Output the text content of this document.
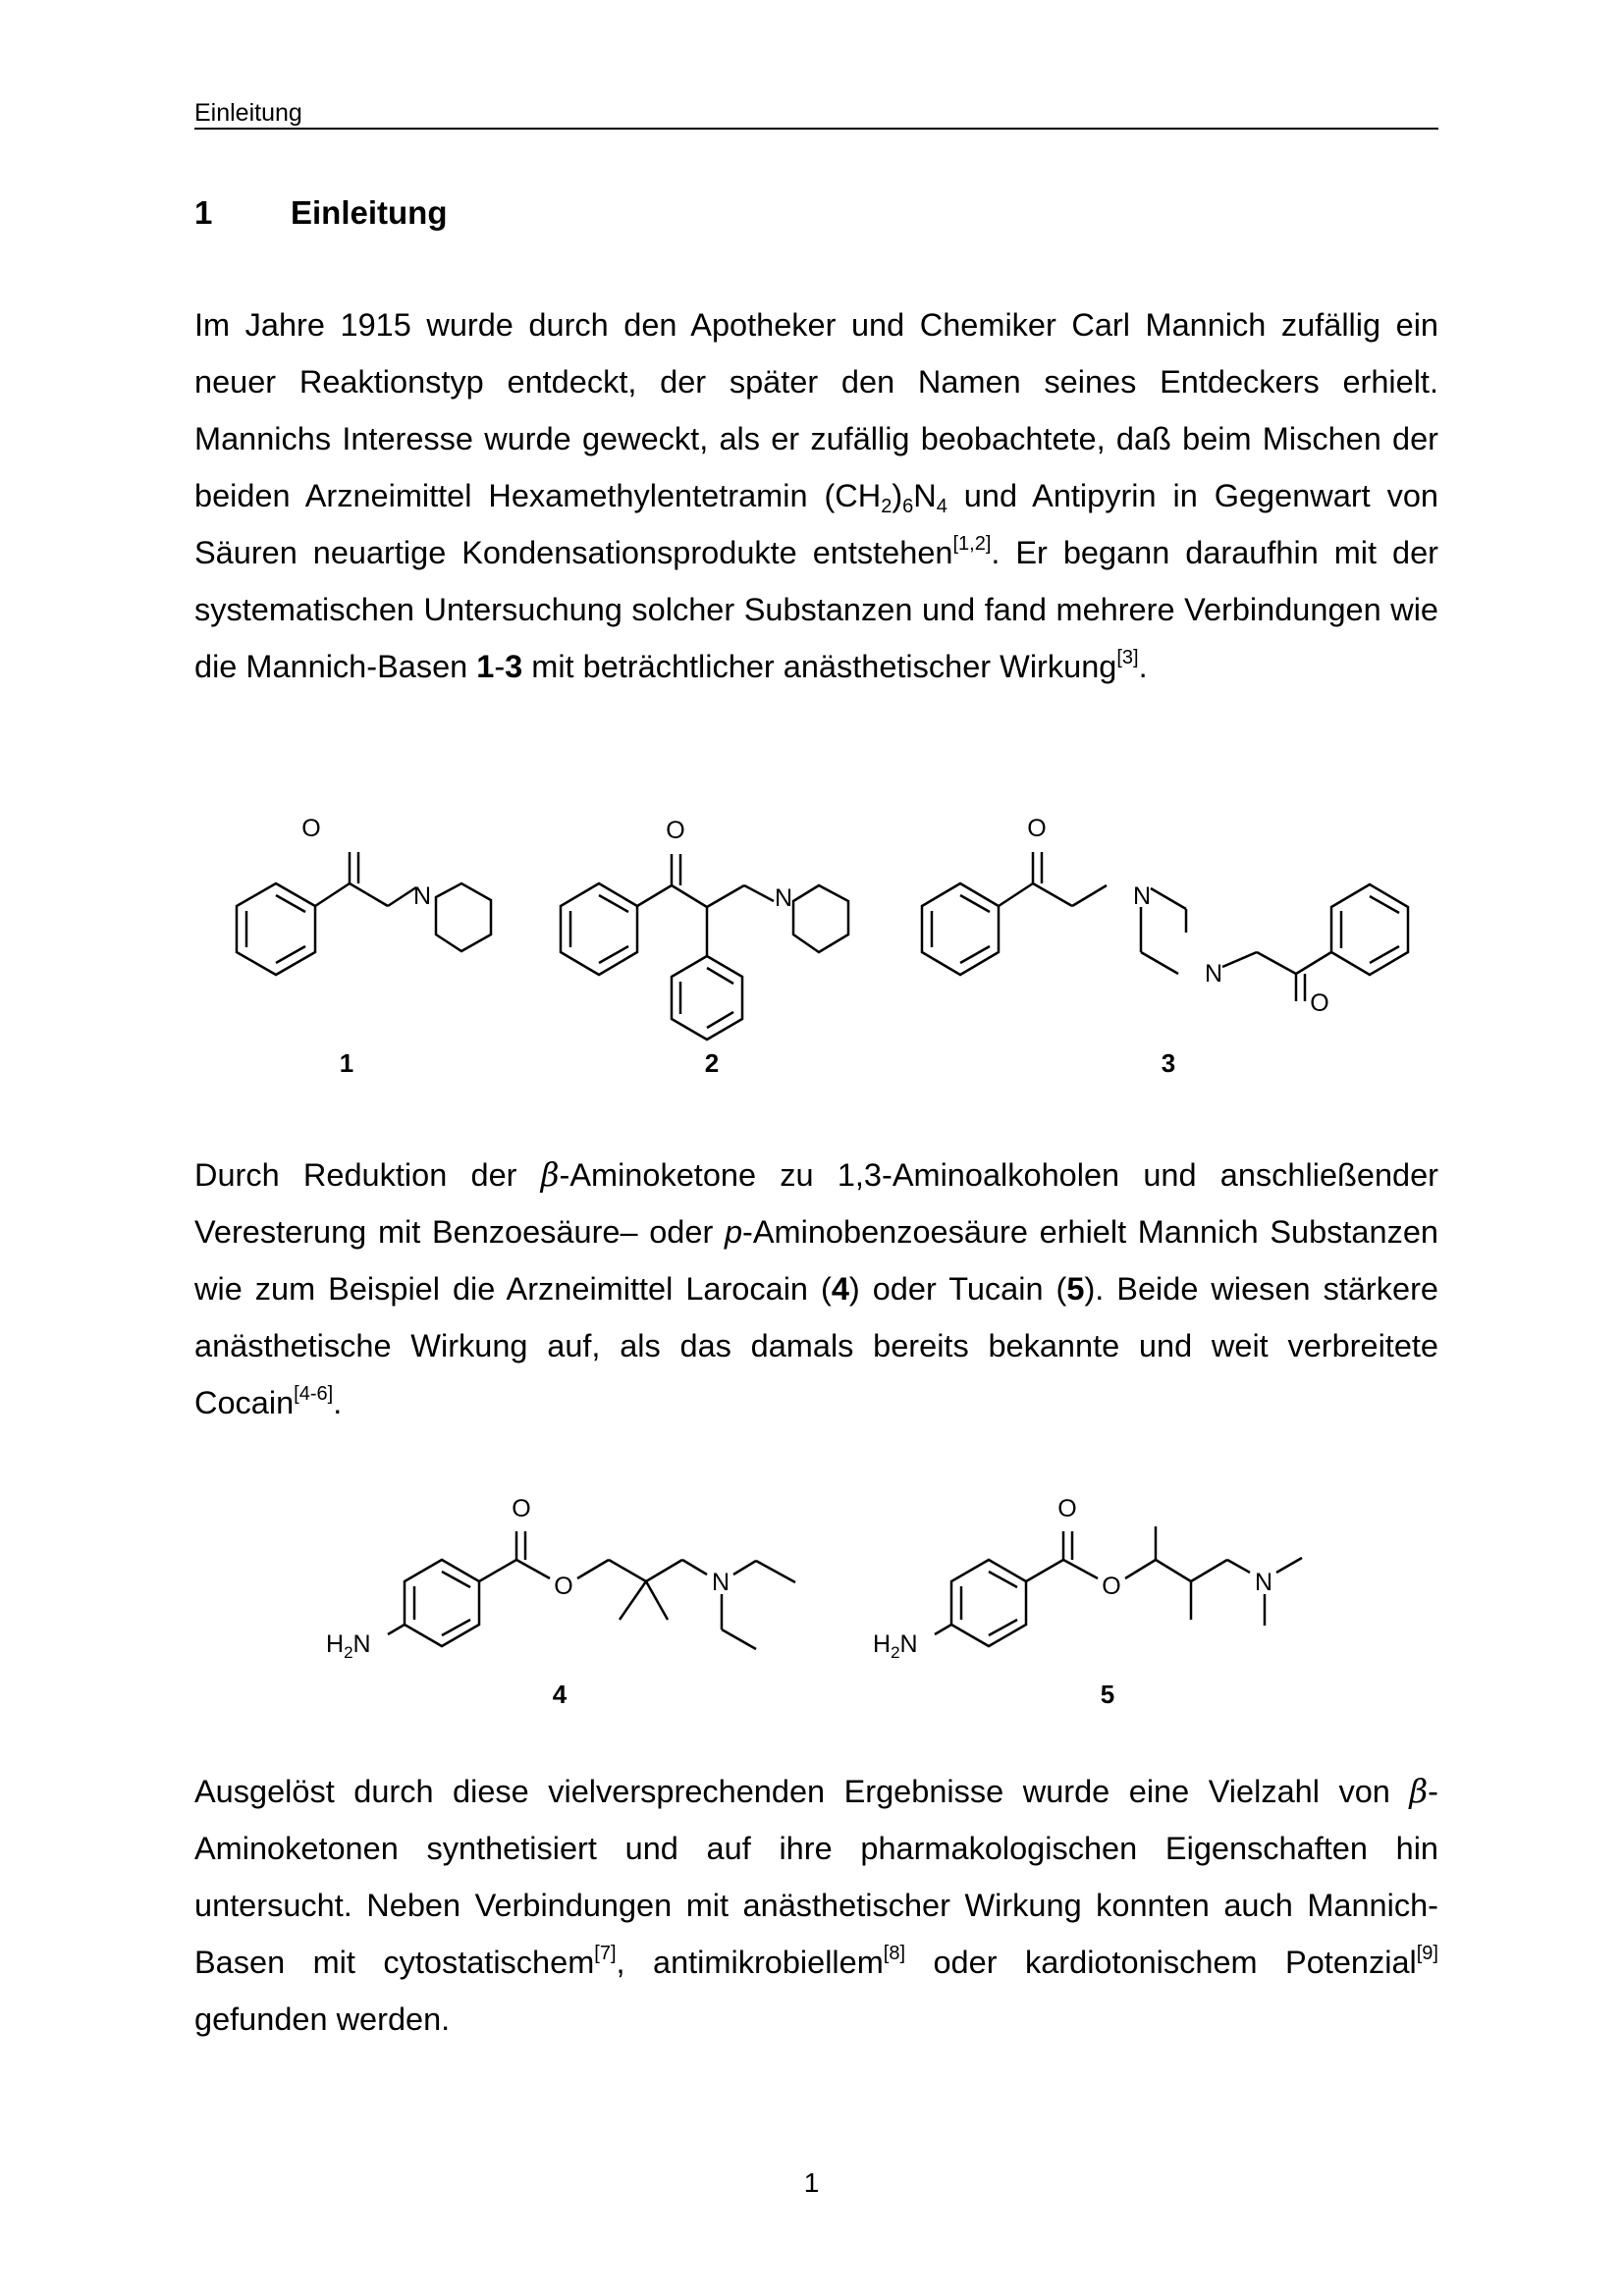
Einleitung
1 Einleitung

Im Jahre 1915 wurde durch den Apotheker und Chemiker Carl Mannich zufällig ein neuer Reaktionstyp entdeckt, der später den Namen seines Entdeckers erhielt. Mannichs Interesse wurde geweckt, als er zufällig beobachtete, daß beim Mischen der beiden Arzneimittel Hexamethylentetramin $(CH_2)_6N_4$ und Antipyrin in Gegenwart von Säuren neuartige Kondensationsprodukte entstehen[1,2]. Er begann daraufhin mit der systematischen Untersuchung solcher Substanzen und fand mehrere Verbindungen wie die Mannich-Basen 1-3 mit beträchtlicher anästhetischer Wirkung[3].

O
N
O
N
O
N
N
O
1	2	3

Durch Reduktion der β-Aminoketone zu 1,3-Aminoalkoholen und anschließender Veresterung mit Benzoesäure– oder p-Aminobenzoesäure erhielt Mannich Substanzen wie zum Beispiel die Arzneimittel Larocain (4) oder Tucain (5). Beide wiesen stärkere anästhetische Wirkung auf, als das damals bereits bekannte und weit verbreitete Cocain[4-6].

O
O	N
O
O	N
$H_2N$	$H_2N$
4	5

Ausgelöst durch diese vielversprechenden Ergebnisse wurde eine Vielzahl von β-Aminoketonen synthetisiert und auf ihre pharmakologischen Eigenschaften hin untersucht. Neben Verbindungen mit anästhetischer Wirkung konnten auch Mannich-Basen mit cytostatischem[7], antimikrobiellem[8] oder kardiotonischem Potenzial[9] gefunden werden.

1
